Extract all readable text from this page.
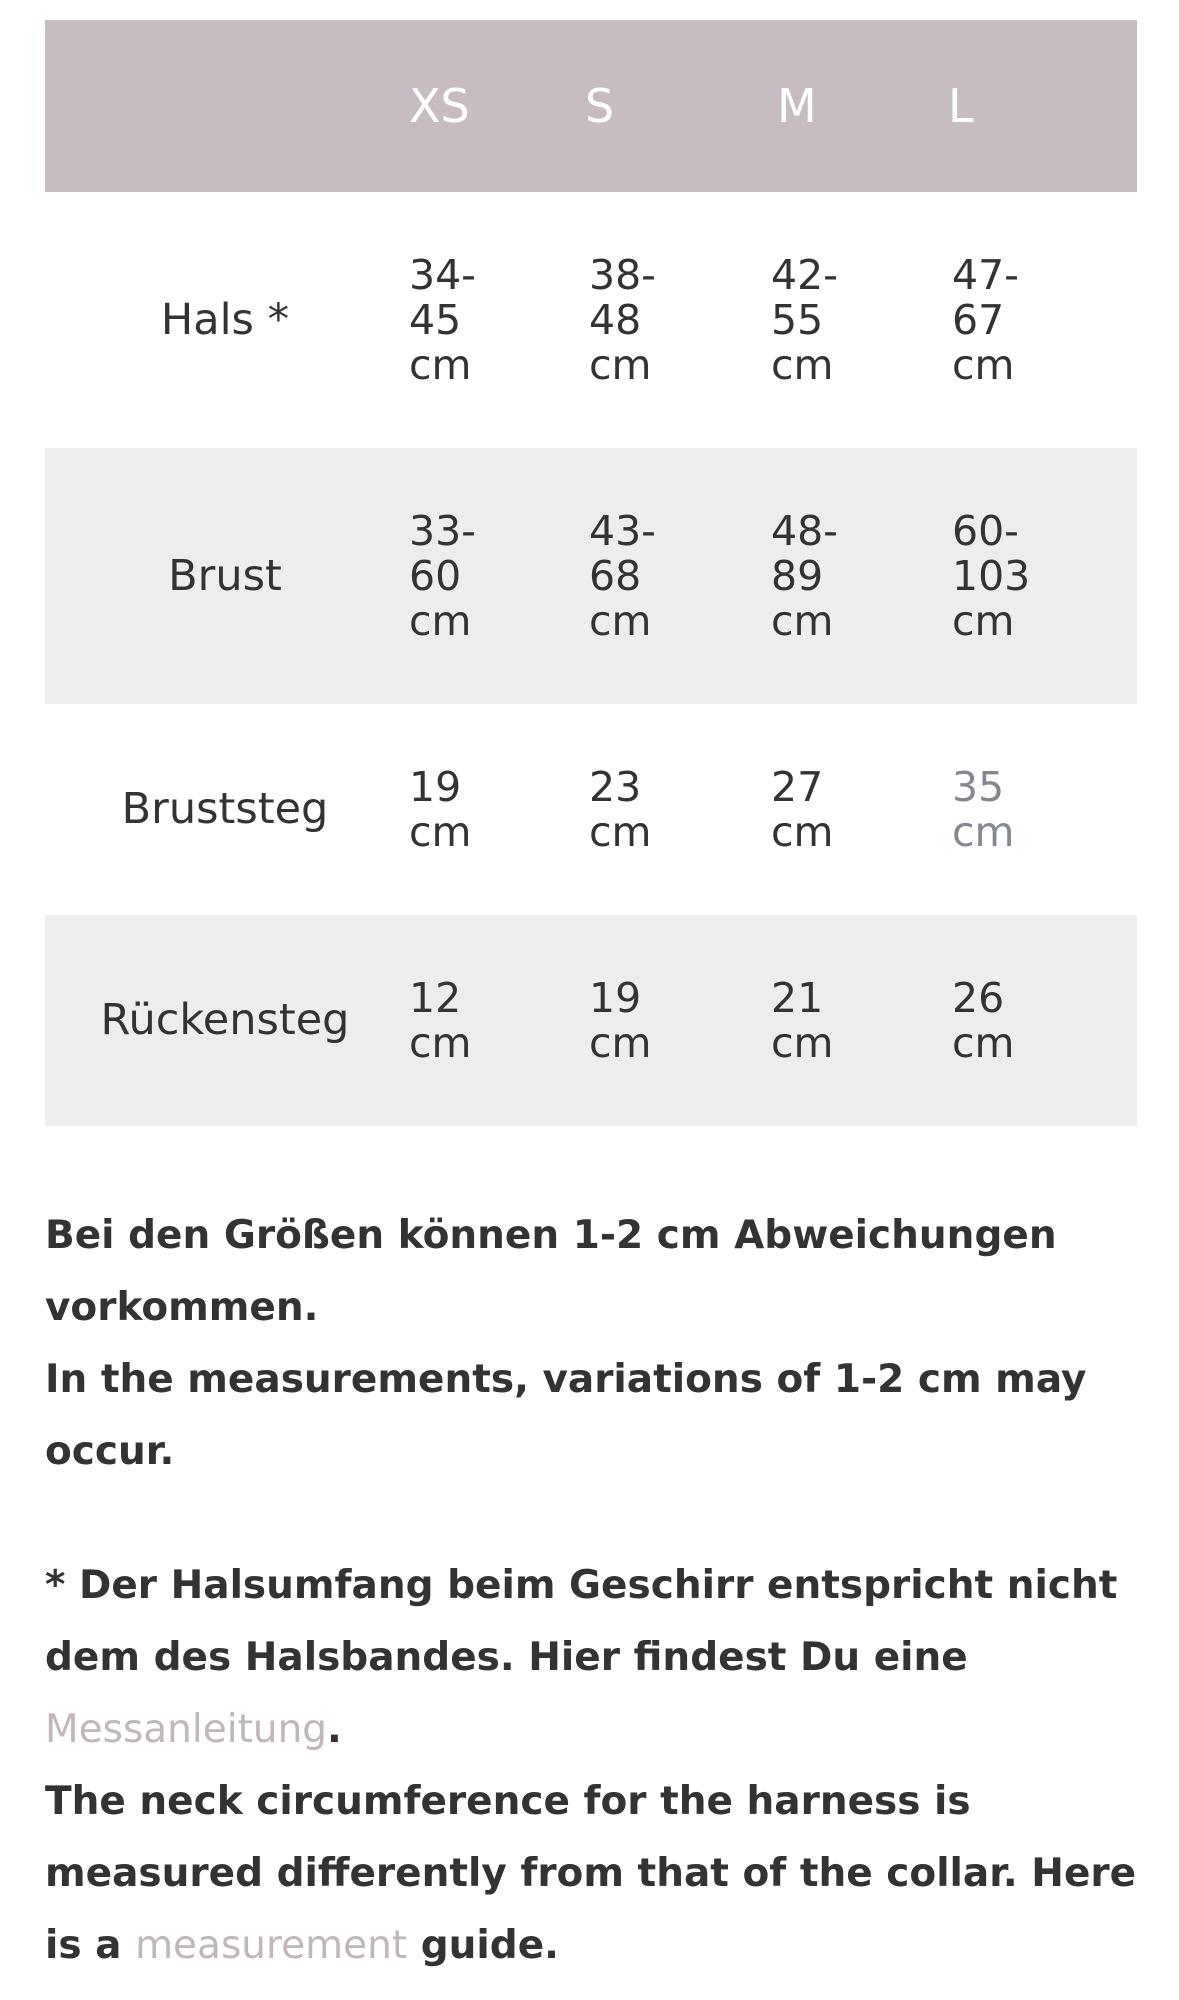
	XS	S	M	L
Hals *	34-
45
cm	38-
48
cm	42-
55
cm	47-
67
cm

Brust	33-
60
cm	43-
68
cm	48-
89
cm	60-
103
cm

Bruststeg	19
cm	23
cm	27
cm	35
cm

Rückensteg	12
cm	19
cm	21
cm	26
cm

Bei den Größen können 1-2 cm Abweichungen vorkommen.

In the measurements, variations of 1-2 cm may occur.

* Der Halsumfang beim Geschirr entspricht nicht dem des Halsbandes. Hier findest Du eine Messanleitung.

The neck circumference for the harness is measured differently from that of the collar. Here is a measurement guide.
